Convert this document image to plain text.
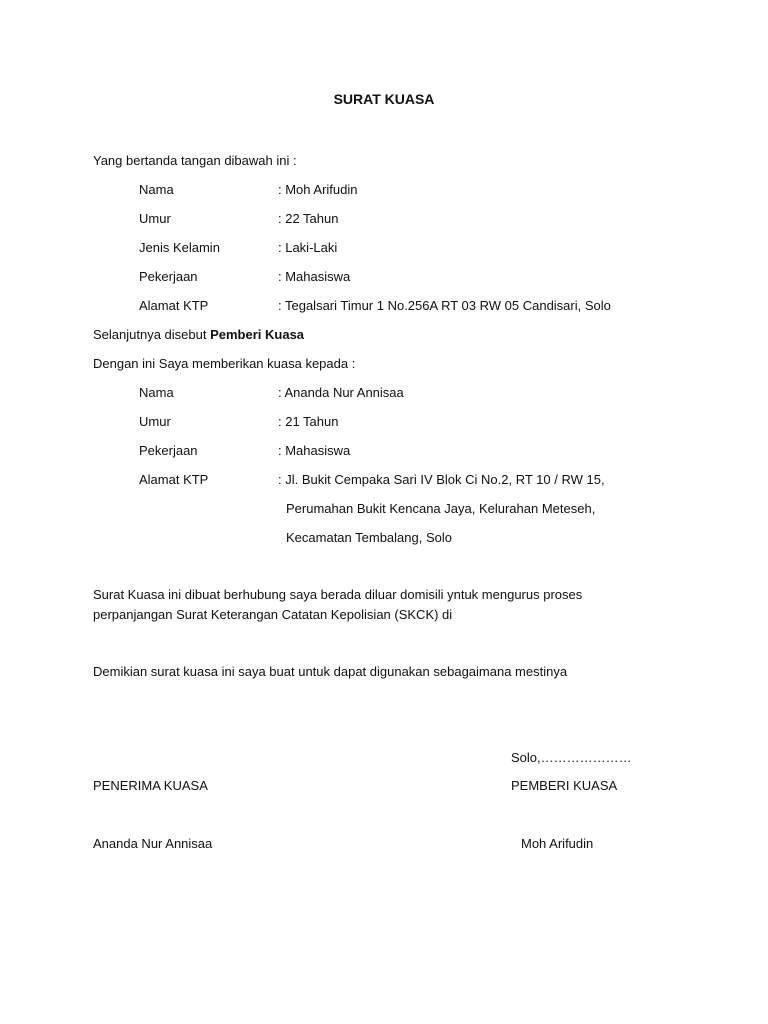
SURAT KUASA
Yang bertanda tangan dibawah ini :
Nama	: Moh Arifudin
Umur	: 22 Tahun
Jenis Kelamin	: Laki-Laki
Pekerjaan	: Mahasiswa
Alamat KTP	: Tegalsari Timur 1 No.256A RT 03 RW 05 Candisari, Solo
Selanjutnya disebut Pemberi Kuasa
Dengan ini Saya memberikan kuasa kepada :
Nama	: Ananda Nur Annisaa
Umur	: 21 Tahun
Pekerjaan	: Mahasiswa
Alamat KTP	: Jl. Bukit Cempaka Sari IV Blok Ci No.2, RT 10 / RW 15,
Perumahan Bukit Kencana Jaya, Kelurahan Meteseh,
Kecamatan Tembalang, Solo
Surat Kuasa ini dibuat berhubung saya berada diluar domisili yntuk mengurus proses
perpanjangan Surat Keterangan Catatan Kepolisian (SKCK) di
Demikian surat kuasa ini saya buat untuk dapat digunakan sebagaimana mestinya
Solo,…………………
PENERIMA KUASA	PEMBERI KUASA
Ananda Nur Annisaa	Moh Arifudin
